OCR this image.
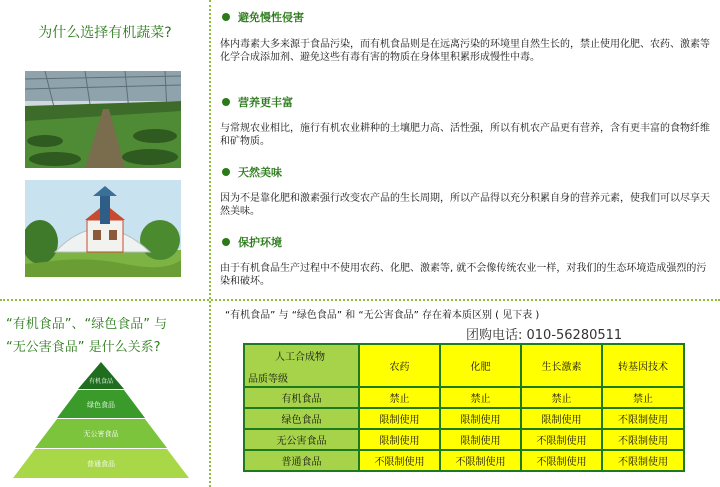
为什么选择有机蔬菜?
避免慢性侵害
体内毒素大多来源于食品污染，而有机食品则是在远离污染的环境里自然生长的，禁止使用化肥、农药、激素等化学合成添加剂、避免这些有毒有害的物质在身体里积累形成慢性中毒。
营养更丰富
与常规农业相比，施行有机农业耕种的土壤肥力高、活性强，所以有机农产品更有营养，含有更丰富的食物纤维和矿物质。
天然美味
因为不是靠化肥和激素强行改变农产品的生长周期，所以产品得以充分积累自身的营养元素，使我们可以尽享天然美味。
保护环境
由于有机食品生产过程中不使用农药、化肥、激素等, 就不会像传统农业一样，对我们的生态环境造成强烈的污染和破坏。
“有机食品”、“绿色食品” 与
“无公害食品” 是什么关系?
有机食品
绿色食品
无公害食品
普通食品
“有机食品” 与 “绿色食品” 和 “无公害食品” 存在着本质区别 ( 见下表 )
团购电话: 010-56280511
人工合成物
品质等级	农药	化肥	生长激素	转基因技术
有机食品	禁止	禁止	禁止	禁止
绿色食品	限制使用	限制使用	限制使用	不限制使用
无公害食品	限制使用	限制使用	不限制使用	不限制使用
普通食品	不限制使用	不限制使用	不限制使用	不限制使用
